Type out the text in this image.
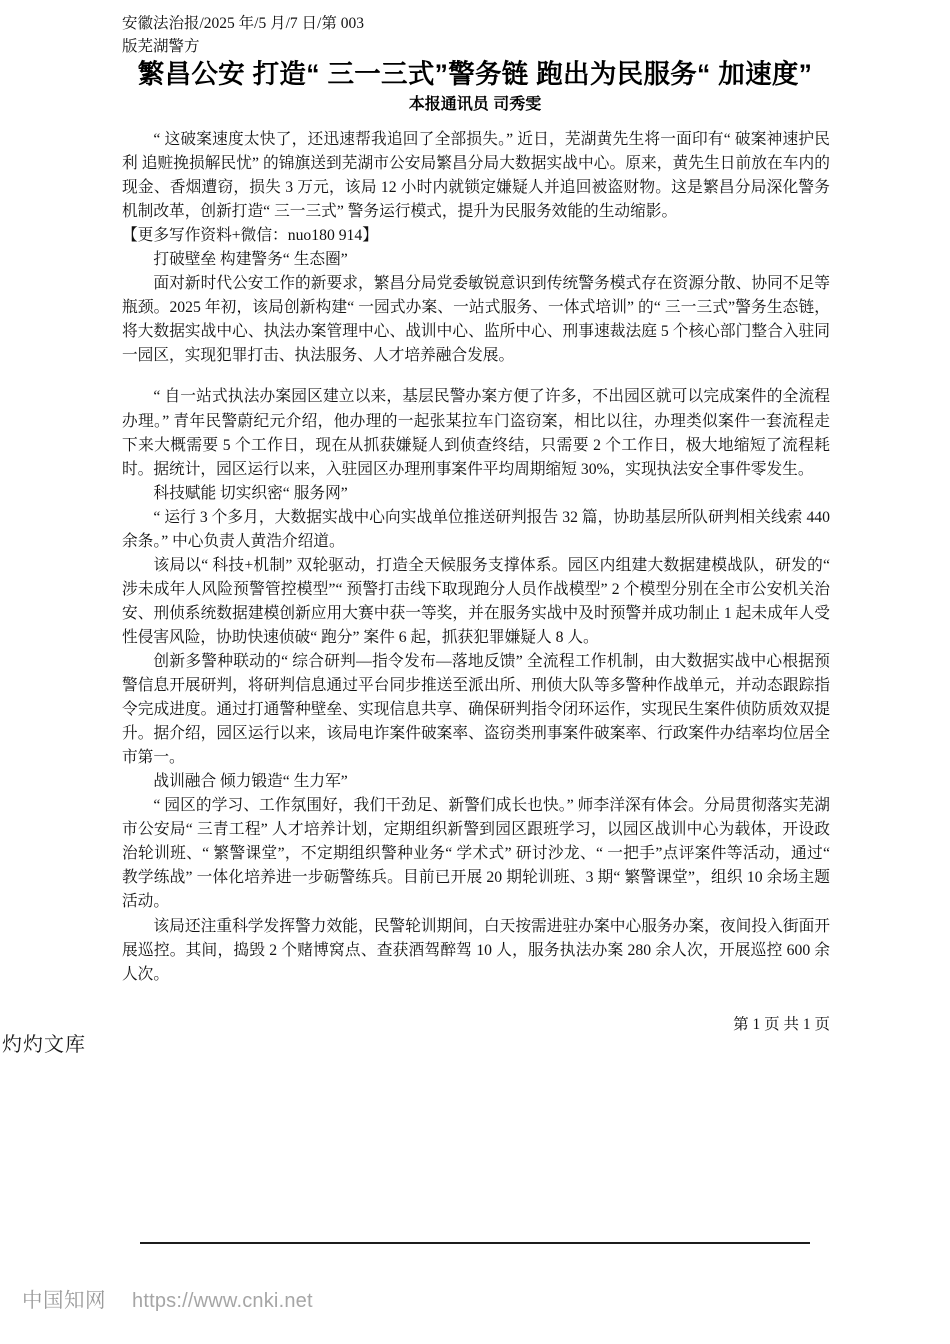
安徽法治报/2025 年/5 月/7 日/第 003
版芜湖警方
繁昌公安 打造“ 三一三式”警务链 跑出为民服务“ 加速度”
本报通讯员 司秀雯

“ 这破案速度太快了，还迅速帮我追回了全部损失。” 近日，芜湖黄先生将一面印有“ 破案神速护民利 追赃挽损解民忧” 的锦旗送到芜湖市公安局繁昌分局大数据实战中心。原来，黄先生日前放在车内的现金、香烟遭窃，损失 3 万元，该局 12 小时内就锁定嫌疑人并追回被盗财物。这是繁昌分局深化警务机制改革，创新打造“ 三一三式” 警务运行模式，提升为民服务效能的生动缩影。

【更多写作资料+微信：nuo180 914】

打破壁垒 构建警务“ 生态圈”

面对新时代公安工作的新要求，繁昌分局党委敏锐意识到传统警务模式存在资源分散、协同不足等瓶颈。2025 年初，该局创新构建“ 一园式办案、一站式服务、一体式培训” 的“ 三一三式”警务生态链，将大数据实战中心、执法办案管理中心、战训中心、监所中心、刑事速裁法庭 5 个核心部门整合入驻同一园区，实现犯罪打击、执法服务、人才培养融合发展。

“ 自一站式执法办案园区建立以来，基层民警办案方便了许多，不出园区就可以完成案件的全流程办理。” 青年民警蔚纪元介绍，他办理的一起张某拉车门盗窃案，相比以往，办理类似案件一套流程走下来大概需要 5 个工作日，现在从抓获嫌疑人到侦查终结，只需要 2 个工作日，极大地缩短了流程耗时。据统计，园区运行以来，入驻园区办理刑事案件平均周期缩短 30%，实现执法安全事件零发生。

科技赋能 切实织密“ 服务网”

“ 运行 3 个多月，大数据实战中心向实战单位推送研判报告 32 篇，协助基层所队研判相关线索 440 余条。” 中心负责人黄浩介绍道。

该局以“ 科技+机制” 双轮驱动，打造全天候服务支撑体系。园区内组建大数据建模战队，研发的“ 涉未成年人风险预警管控模型”“ 预警打击线下取现跑分人员作战模型” 2 个模型分别在全市公安机关治安、刑侦系统数据建模创新应用大赛中获一等奖，并在服务实战中及时预警并成功制止 1 起未成年人受性侵害风险，协助快速侦破“ 跑分” 案件 6 起，抓获犯罪嫌疑人 8 人。

创新多警种联动的“ 综合研判—指令发布—落地反馈” 全流程工作机制，由大数据实战中心根据预警信息开展研判，将研判信息通过平台同步推送至派出所、刑侦大队等多警种作战单元，并动态跟踪指令完成进度。通过打通警种壁垒、实现信息共享、确保研判指令闭环运作，实现民生案件侦防质效双提升。据介绍，园区运行以来，该局电诈案件破案率、盗窃类刑事案件破案率、行政案件办结率均位居全市第一。

战训融合 倾力锻造“ 生力军”

“ 园区的学习、工作氛围好，我们干劲足、新警们成长也快。” 师李洋深有体会。分局贯彻落实芜湖市公安局“ 三青工程” 人才培养计划，定期组织新警到园区跟班学习，以园区战训中心为载体，开设政治轮训班、“ 繁警课堂”，不定期组织警种业务“ 学术式” 研讨沙龙、“ 一把手”点评案件等活动，通过“ 教学练战” 一体化培养进一步砺警练兵。目前已开展 20 期轮训班、3 期“ 繁警课堂”，组织 10 余场主题活动。

该局还注重科学发挥警力效能，民警轮训期间，白天按需进驻办案中心服务办案，夜间投入街面开展巡控。其间，捣毁 2 个赌博窝点、查获酒驾醉驾 10 人，服务执法办案 280 余人次，开展巡控 600 余人次。

第 1 页 共 1 页
灼灼文库
中国知网 https://www.cnki.net
